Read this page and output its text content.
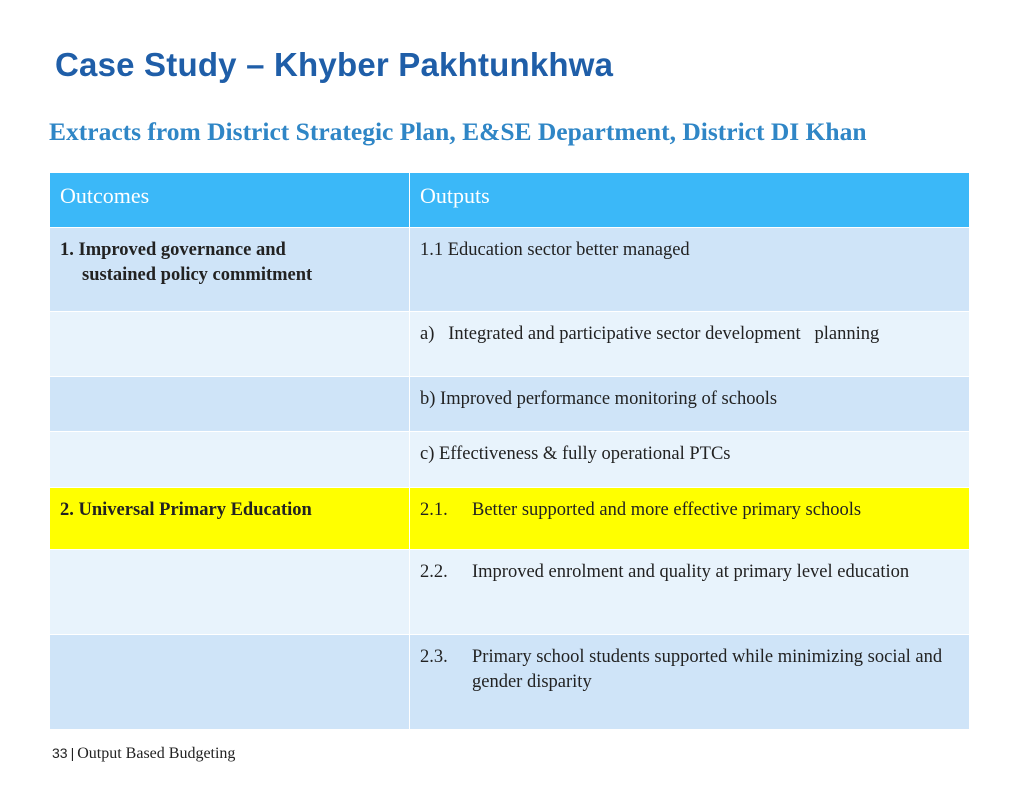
Case Study – Khyber Pakhtunkhwa
Extracts from District Strategic Plan, E&SE Department, District DI Khan
Outcomes	Outputs
1. Improved governance and
sustained policy commitment	1.1 Education sector better managed
	a)   Integrated and participative sector development   planning
	b) Improved performance monitoring of schools
	c) Effectiveness & fully operational PTCs
2. Universal Primary Education	2.1. Better supported and more effective primary schools

	2.2. Improved enrolment and quality at primary level education

	2.3. Primary school students supported while minimizing social and gender disparity
33 | Output Based Budgeting
